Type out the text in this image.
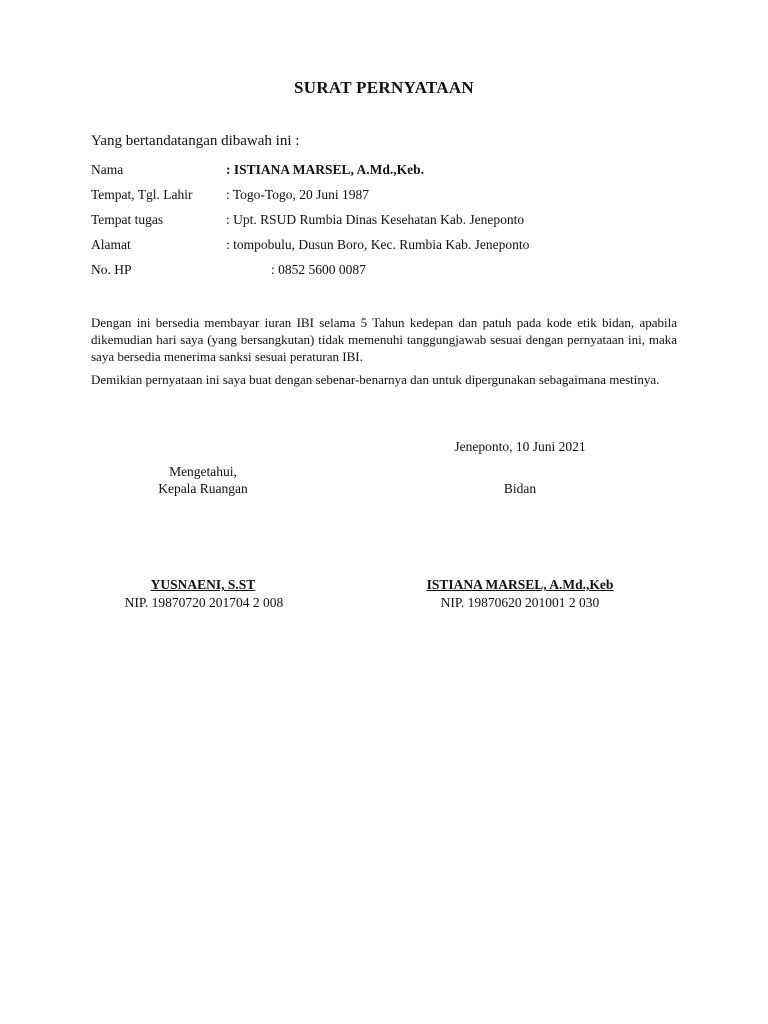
SURAT PERNYATAAN
Yang bertandatangan dibawah ini :
Nama	: ISTIANA MARSEL, A.Md.,Keb.
Tempat, Tgl. Lahir : Togo-Togo, 20 Juni 1987
Tempat tugas	: Upt. RSUD Rumbia Dinas Kesehatan Kab. Jeneponto
Alamat	: tompobulu, Dusun Boro, Kec. Rumbia Kab. Jeneponto
No. HP	: 0852 5600 0087

Dengan ini bersedia membayar iuran IBI selama 5 Tahun kedepan dan patuh pada kode etik bidan, apabila dikemudian hari saya (yang bersangkutan) tidak memenuhi tanggungjawab sesuai dengan pernyataan ini, maka saya bersedia menerima sanksi sesuai peraturan IBI.

Demikian pernyataan ini saya buat dengan sebenar-benarnya dan untuk dipergunakan sebagaimana mestinya.

Jeneponto, 10 Juni 2021
Mengetahui,
Kepala Ruangan	Bidan
YUSNAENI, S.ST
NIP. 19870720 201704 2 008
ISTIANA MARSEL, A.Md.,Keb
NIP. 19870620 201001 2 030
